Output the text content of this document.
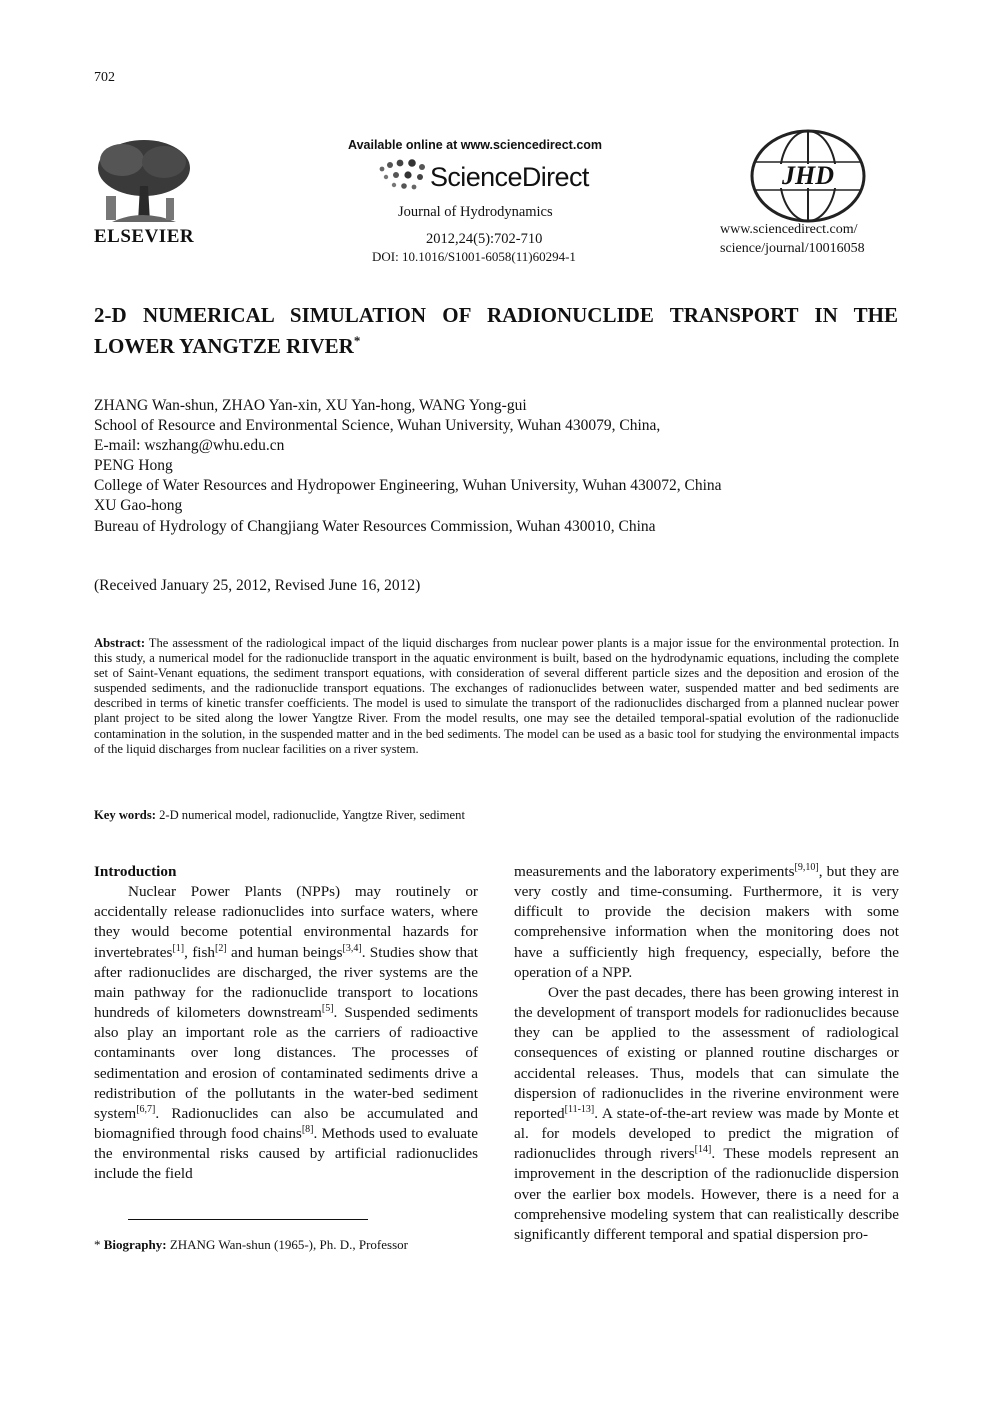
702
ELSEVIER
Available online at www.sciencedirect.com
ScienceDirect
Journal of Hydrodynamics
2012,24(5):702-710
DOI: 10.1016/S1001-6058(11)60294-1
JHD
www.sciencedirect.com/
science/journal/10016058
2-D NUMERICAL SIMULATION OF RADIONUCLIDE TRANSPORT IN THE LOWER YANGTZE RIVER*
ZHANG Wan-shun, ZHAO Yan-xin, XU Yan-hong, WANG Yong-gui
School of Resource and Environmental Science, Wuhan University, Wuhan 430079, China,
E-mail: wszhang@whu.edu.cn
PENG Hong
College of Water Resources and Hydropower Engineering, Wuhan University, Wuhan 430072, China
XU Gao-hong
Bureau of Hydrology of Changjiang Water Resources Commission, Wuhan 430010, China
(Received January 25, 2012, Revised June 16, 2012)
Abstract: The assessment of the radiological impact of the liquid discharges from nuclear power plants is a major issue for the environmental protection. In this study, a numerical model for the radionuclide transport in the aquatic environment is built, based on the hydrodynamic equations, including the complete set of Saint-Venant equations, the sediment transport equations, with consideration of several different particle sizes and the deposition and erosion of the suspended sediments, and the radionuclide transport equations. The exchanges of radionuclides between water, suspended matter and bed sediments are described in terms of kinetic transfer coefficients. The model is used to simulate the transport of the radionuclides discharged from a planned nuclear power plant project to be sited along the lower Yangtze River. From the model results, one may see the detailed temporal-spatial evolution of the radionuclide contamination in the solution, in the suspended matter and in the bed sediments. The model can be used as a basic tool for studying the environmental impacts of the liquid discharges from nuclear facilities on a river system.
Key words: 2-D numerical model, radionuclide, Yangtze River, sediment
Introduction

Nuclear Power Plants (NPPs) may routinely or accidentally release radionuclides into surface waters, where they would become potential environmental hazards for invertebrates[1], fish[2] and human beings[3,4]. Studies show that after radionuclides are discharged, the river systems are the main pathway for the radionuclide transport to locations hundreds of kilometers downstream[5]. Suspended sediments also play an important role as the carriers of radioactive contaminants over long distances. The processes of sedimentation and erosion of contaminated sediments drive a redistribution of the pollutants in the water-bed sediment system[6,7]. Radionuclides can also be accumulated and biomagnified through food chains[8]. Methods used to evaluate the environmental risks caused by artificial radionuclides include the field

measurements and the laboratory experiments[9,10], but they are very costly and time-consuming. Furthermore, it is very difficult to provide the decision makers with some comprehensive information when the monitoring does not have a sufficiently high frequency, especially, before the operation of a NPP.

Over the past decades, there has been growing interest in the development of transport models for radionuclides because they can be applied to the assessment of radiological consequences of existing or planned routine discharges or accidental releases. Thus, models that can simulate the dispersion of radionuclides in the riverine environment were reported[11-13]. A state-of-the-art review was made by Monte et al. for models developed to predict the migration of radionuclides through rivers[14]. These models represent an improvement in the description of the radionuclide dispersion over the earlier box models. However, there is a need for a comprehensive modeling system that can realistically describe significantly different temporal and spatial dispersion pro-

* Biography: ZHANG Wan-shun (1965-), Ph. D., Professor
